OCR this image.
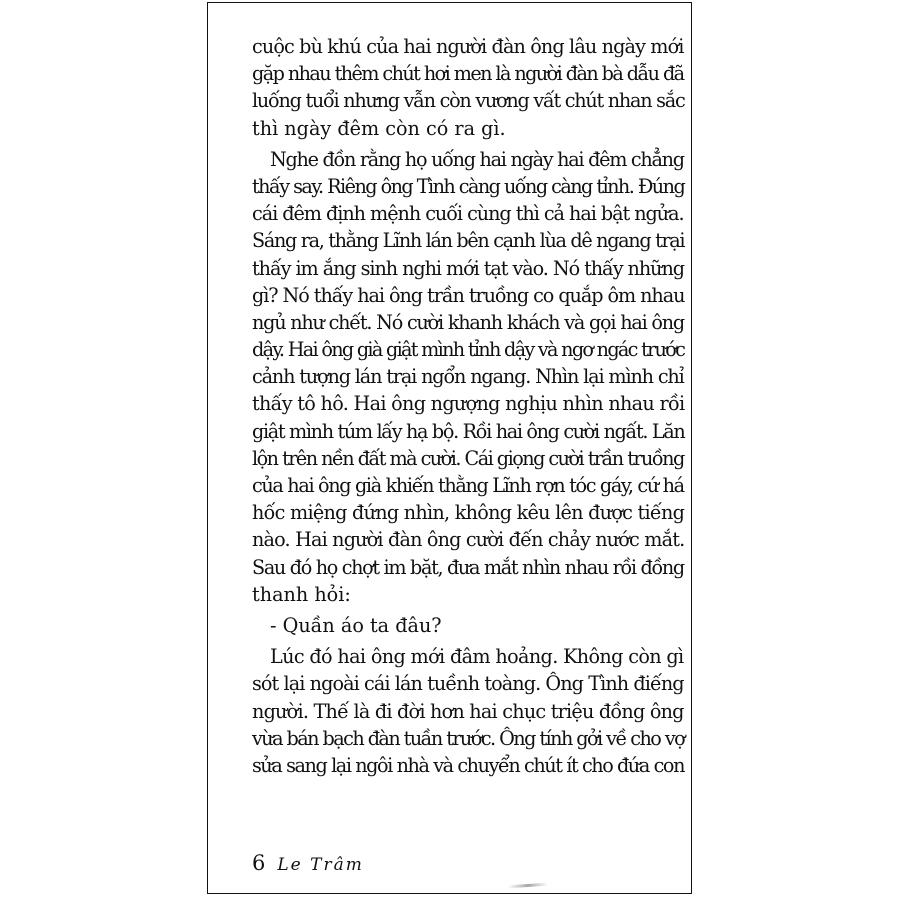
cuộc bù khú của hai người đàn ông lâu ngày mới
gặp nhau thêm chút hơi men là người đàn bà dẫu đã
luống tuổi nhưng vẫn còn vương vất chút nhan sắc
thì ngày đêm còn có ra gì.
Nghe đồn rằng họ uống hai ngày hai đêm chẳng
thấy say. Riêng ông Tình càng uống càng tỉnh. Đúng
cái đêm định mệnh cuối cùng thì cả hai bật ngửa.
Sáng ra, thằng Lĩnh lán bên cạnh lùa dê ngang trại
thấy im ắng sinh nghi mới tạt vào. Nó thấy những
gì? Nó thấy hai ông trần truồng co quắp ôm nhau
ngủ như chết. Nó cười khanh khách và gọi hai ông
dậy. Hai ông già giật mình tỉnh dậy và ngơ ngác trước
cảnh tượng lán trại ngổn ngang. Nhìn lại mình chỉ
thấy tô hô. Hai ông ngượng nghịu nhìn nhau rồi
giật mình túm lấy hạ bộ. Rồi hai ông cười ngất. Lăn
lộn trên nền đất mà cười. Cái giọng cười trần truồng
của hai ông già khiến thằng Lĩnh rợn tóc gáy, cứ há
hốc miệng đứng nhìn, không kêu lên được tiếng
nào. Hai người đàn ông cười đến chảy nước mắt.
Sau đó họ chợt im bặt, đưa mắt nhìn nhau rồi đồng
thanh hỏi:
- Quần áo ta đâu?
Lúc đó hai ông mới đâm hoảng. Không còn gì
sót lại ngoài cái lán tuềnh toàng. Ông Tình điếng
người. Thế là đi đời hơn hai chục triệu đồng ông
vừa bán bạch đàn tuần trước. Ông tính gởi về cho vợ
sửa sang lại ngôi nhà và chuyển chút ít cho đứa con
6 Le Trâm
